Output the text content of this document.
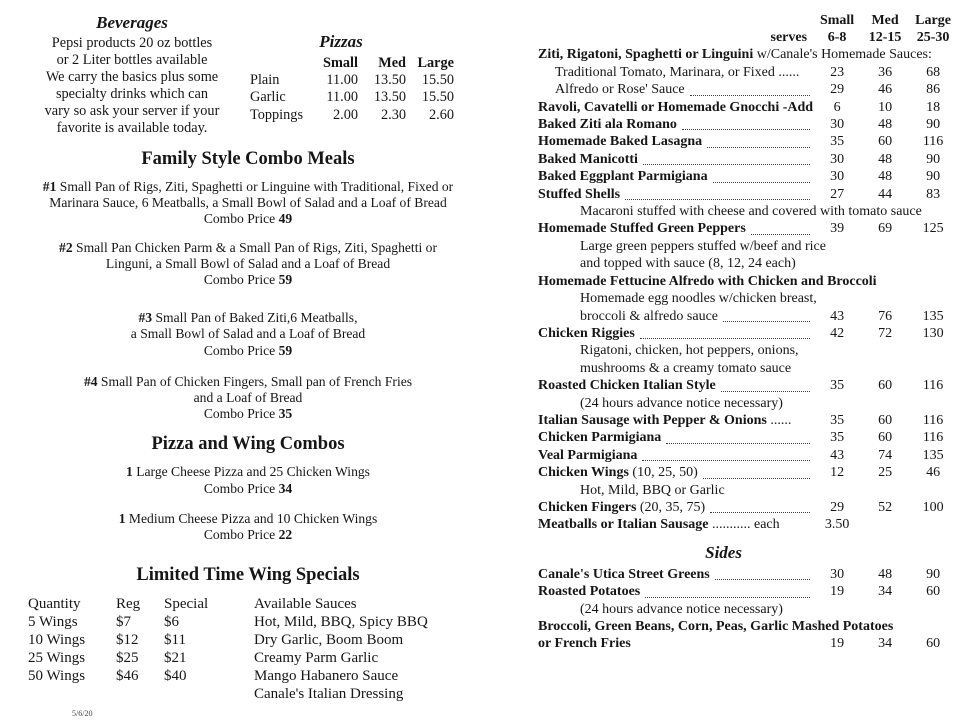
Beverages
Pepsi products 20 oz bottles
or 2 Liter bottles available
We carry the basics plus some
specialty drinks which can
vary so ask your server if your
favorite is available today.
Pizzas
	Small	Med	Large
Plain	11.00	13.50	15.50
Garlic	11.00	13.50	15.50
Toppings	2.00	2.30	2.60
Family Style Combo Meals
#1 Small Pan of Rigs, Ziti, Spaghetti or Linguine with Traditional, Fixed or
Marinara Sauce, 6 Meatballs, a Small Bowl of Salad and a Loaf of Bread
Combo Price 49
#2 Small Pan Chicken Parm & a Small Pan of Rigs, Ziti, Spaghetti or
Linguni, a Small Bowl of Salad and a Loaf of Bread
Combo Price 59
#3 Small Pan of Baked Ziti,6 Meatballs,
a Small Bowl of Salad and a Loaf of Bread
Combo Price 59
#4 Small Pan of Chicken Fingers, Small pan of French Fries
and a Loaf of Bread
Combo Price 35
Pizza and Wing Combos
1 Large Cheese Pizza and 25 Chicken Wings
Combo Price 34
1 Medium Cheese Pizza and 10 Chicken Wings
Combo Price 22
Limited Time Wing Specials
Quantity	Reg	Special	Available Sauces
5 Wings	$7	$6	Hot, Mild, BBQ, Spicy BBQ
10 Wings	$12	$11	Dry Garlic, Boom Boom
25 Wings	$25	$21	Creamy Parm Garlic
50 Wings	$46	$40	Mango Habanero Sauce
			Canale's Italian Dressing
5/6/20
Small	Med	Large
serves	6-8	12-15	25-30
Ziti, Rigatoni, Spaghetti or Linguini w/Canale's Homemade Sauces:
Traditional Tomato, Marinara, or Fixed ......	23	36	68
Alfredo or Rose' Sauce	29	46	86
Ravoli, Cavatelli or Homemade Gnocchi -Add	6	10	18
Baked Ziti ala Romano	30	48	90
Homemade Baked Lasagna	35	60	116
Baked Manicotti	30	48	90
Baked Eggplant Parmigiana	30	48	90
Stuffed Shells	27	44	83
Macaroni stuffed with cheese and covered with tomato sauce
Homemade Stuffed Green Peppers	39	69	125
Large green peppers stuffed w/beef and rice
and topped with sauce (8, 12, 24 each)
Homemade Fettucine Alfredo with Chicken and Broccoli
Homemade egg noodles w/chicken breast,
broccoli & alfredo sauce	43	76	135
Chicken Riggies	42	72	130
Rigatoni, chicken, hot peppers, onions,
mushrooms & a creamy tomato sauce
Roasted Chicken Italian Style	35	60	116
(24 hours advance notice necessary)
Italian Sausage with Pepper & Onions ......	35	60	116
Chicken Parmigiana	35	60	116
Veal Parmigiana	43	74	135
Chicken Wings (10, 25, 50)	12	25	46
Hot, Mild, BBQ or Garlic
Chicken Fingers (20, 35, 75)	29	52	100
Meatballs or Italian Sausage ........... each	3.50
Sides
Canale's Utica Street Greens	30	48	90
Roasted Potatoes	19	34	60
(24 hours advance notice necessary)
Broccoli, Green Beans, Corn, Peas, Garlic Mashed Potatoes
or French Fries	19	34	60
